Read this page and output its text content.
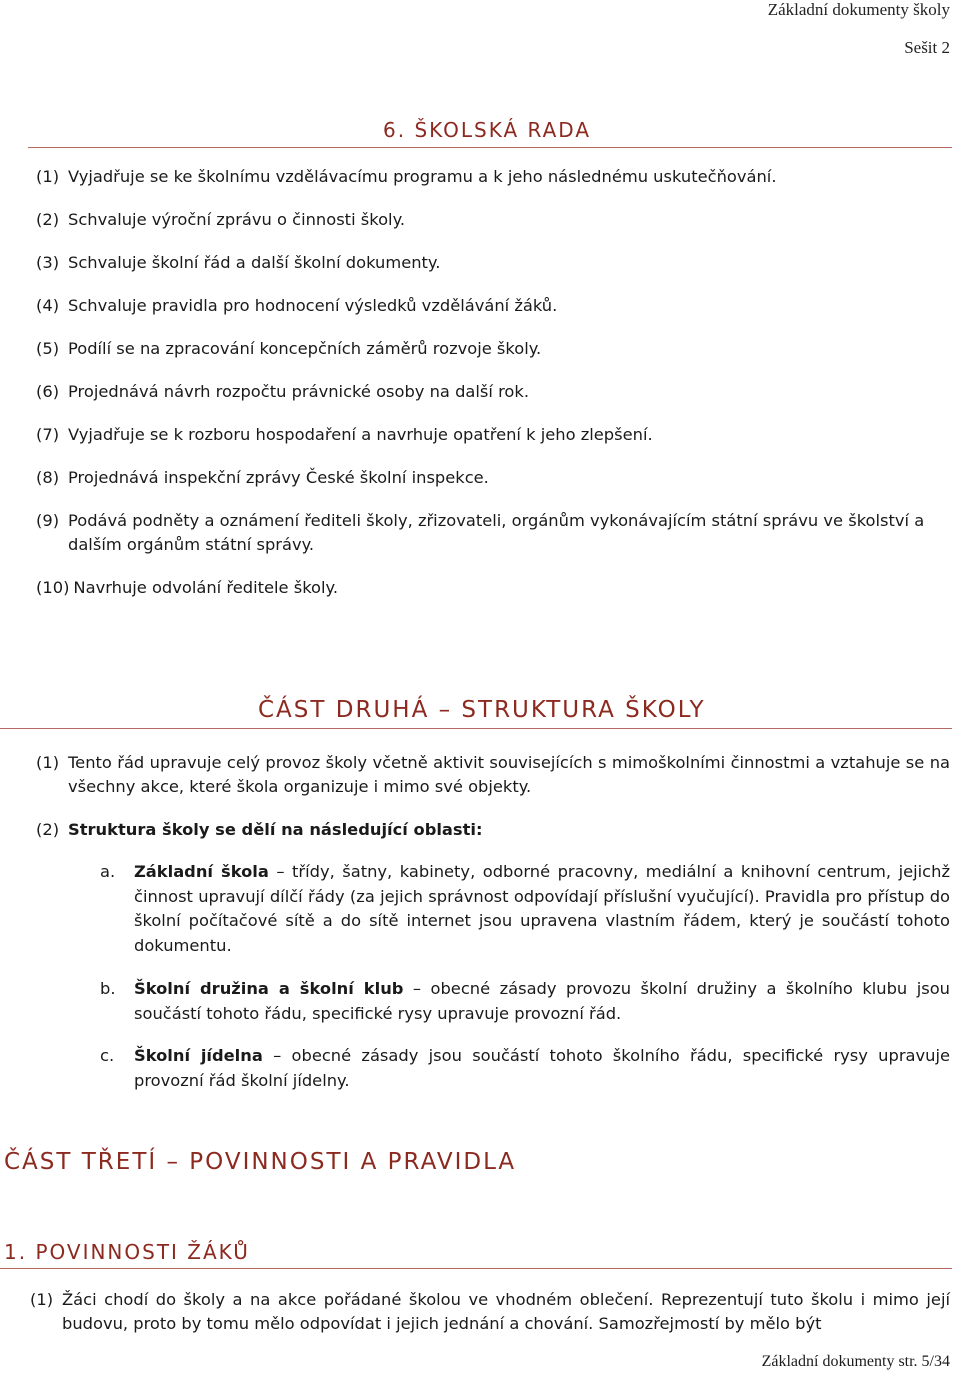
Základní dokumenty školy
Sešit 2
6. ŠKOLSKÁ RADA
(1) Vyjadřuje se ke školnímu vzdělávacímu programu a k jeho následnému uskutečňování.
(2) Schvaluje výroční zprávu o činnosti školy.
(3) Schvaluje školní řád a další školní dokumenty.
(4) Schvaluje pravidla pro hodnocení výsledků vzdělávání žáků.
(5) Podílí se na zpracování koncepčních záměrů rozvoje školy.
(6) Projednává návrh rozpočtu právnické osoby na další rok.
(7) Vyjadřuje se k rozboru hospodaření a navrhuje opatření k jeho zlepšení.
(8) Projednává inspekční zprávy České školní inspekce.
(9) Podává podněty a oznámení řediteli školy, zřizovateli, orgánům vykonávajícím státní správu ve školství a dalším orgánům státní správy.
(10) Navrhuje odvolání ředitele školy.
ČÁST DRUHÁ – STRUKTURA ŠKOLY
(1) Tento řád upravuje celý provoz školy včetně aktivit souvisejících s mimoškolními činnostmi a vztahuje se na všechny akce, které škola organizuje i mimo své objekty.
(2) Struktura školy se dělí na následující oblasti:
a. Základní škola – třídy, šatny, kabinety, odborné pracovny, mediální a knihovní centrum, jejichž činnost upravují dílčí řády (za jejich správnost odpovídají příslušní vyučující). Pravidla pro přístup do školní počítačové sítě a do sítě internet jsou upravena vlastním řádem, který je součástí tohoto dokumentu.
b. Školní družina a školní klub – obecné zásady provozu školní družiny a školního klubu jsou součástí tohoto řádu, specifické rysy upravuje provozní řád.
c. Školní jídelna – obecné zásady jsou součástí tohoto školního řádu, specifické rysy upravuje provozní řád školní jídelny.
ČÁST TŘETÍ – POVINNOSTI A PRAVIDLA
1. POVINNOSTI ŽÁKŮ
(1) Žáci chodí do školy a na akce pořádané školou ve vhodném oblečení. Reprezentují tuto školu i mimo její budovu, proto by tomu mělo odpovídat i jejich jednání a chování. Samozřejmostí by mělo být
Základní dokumenty str. 5/34
